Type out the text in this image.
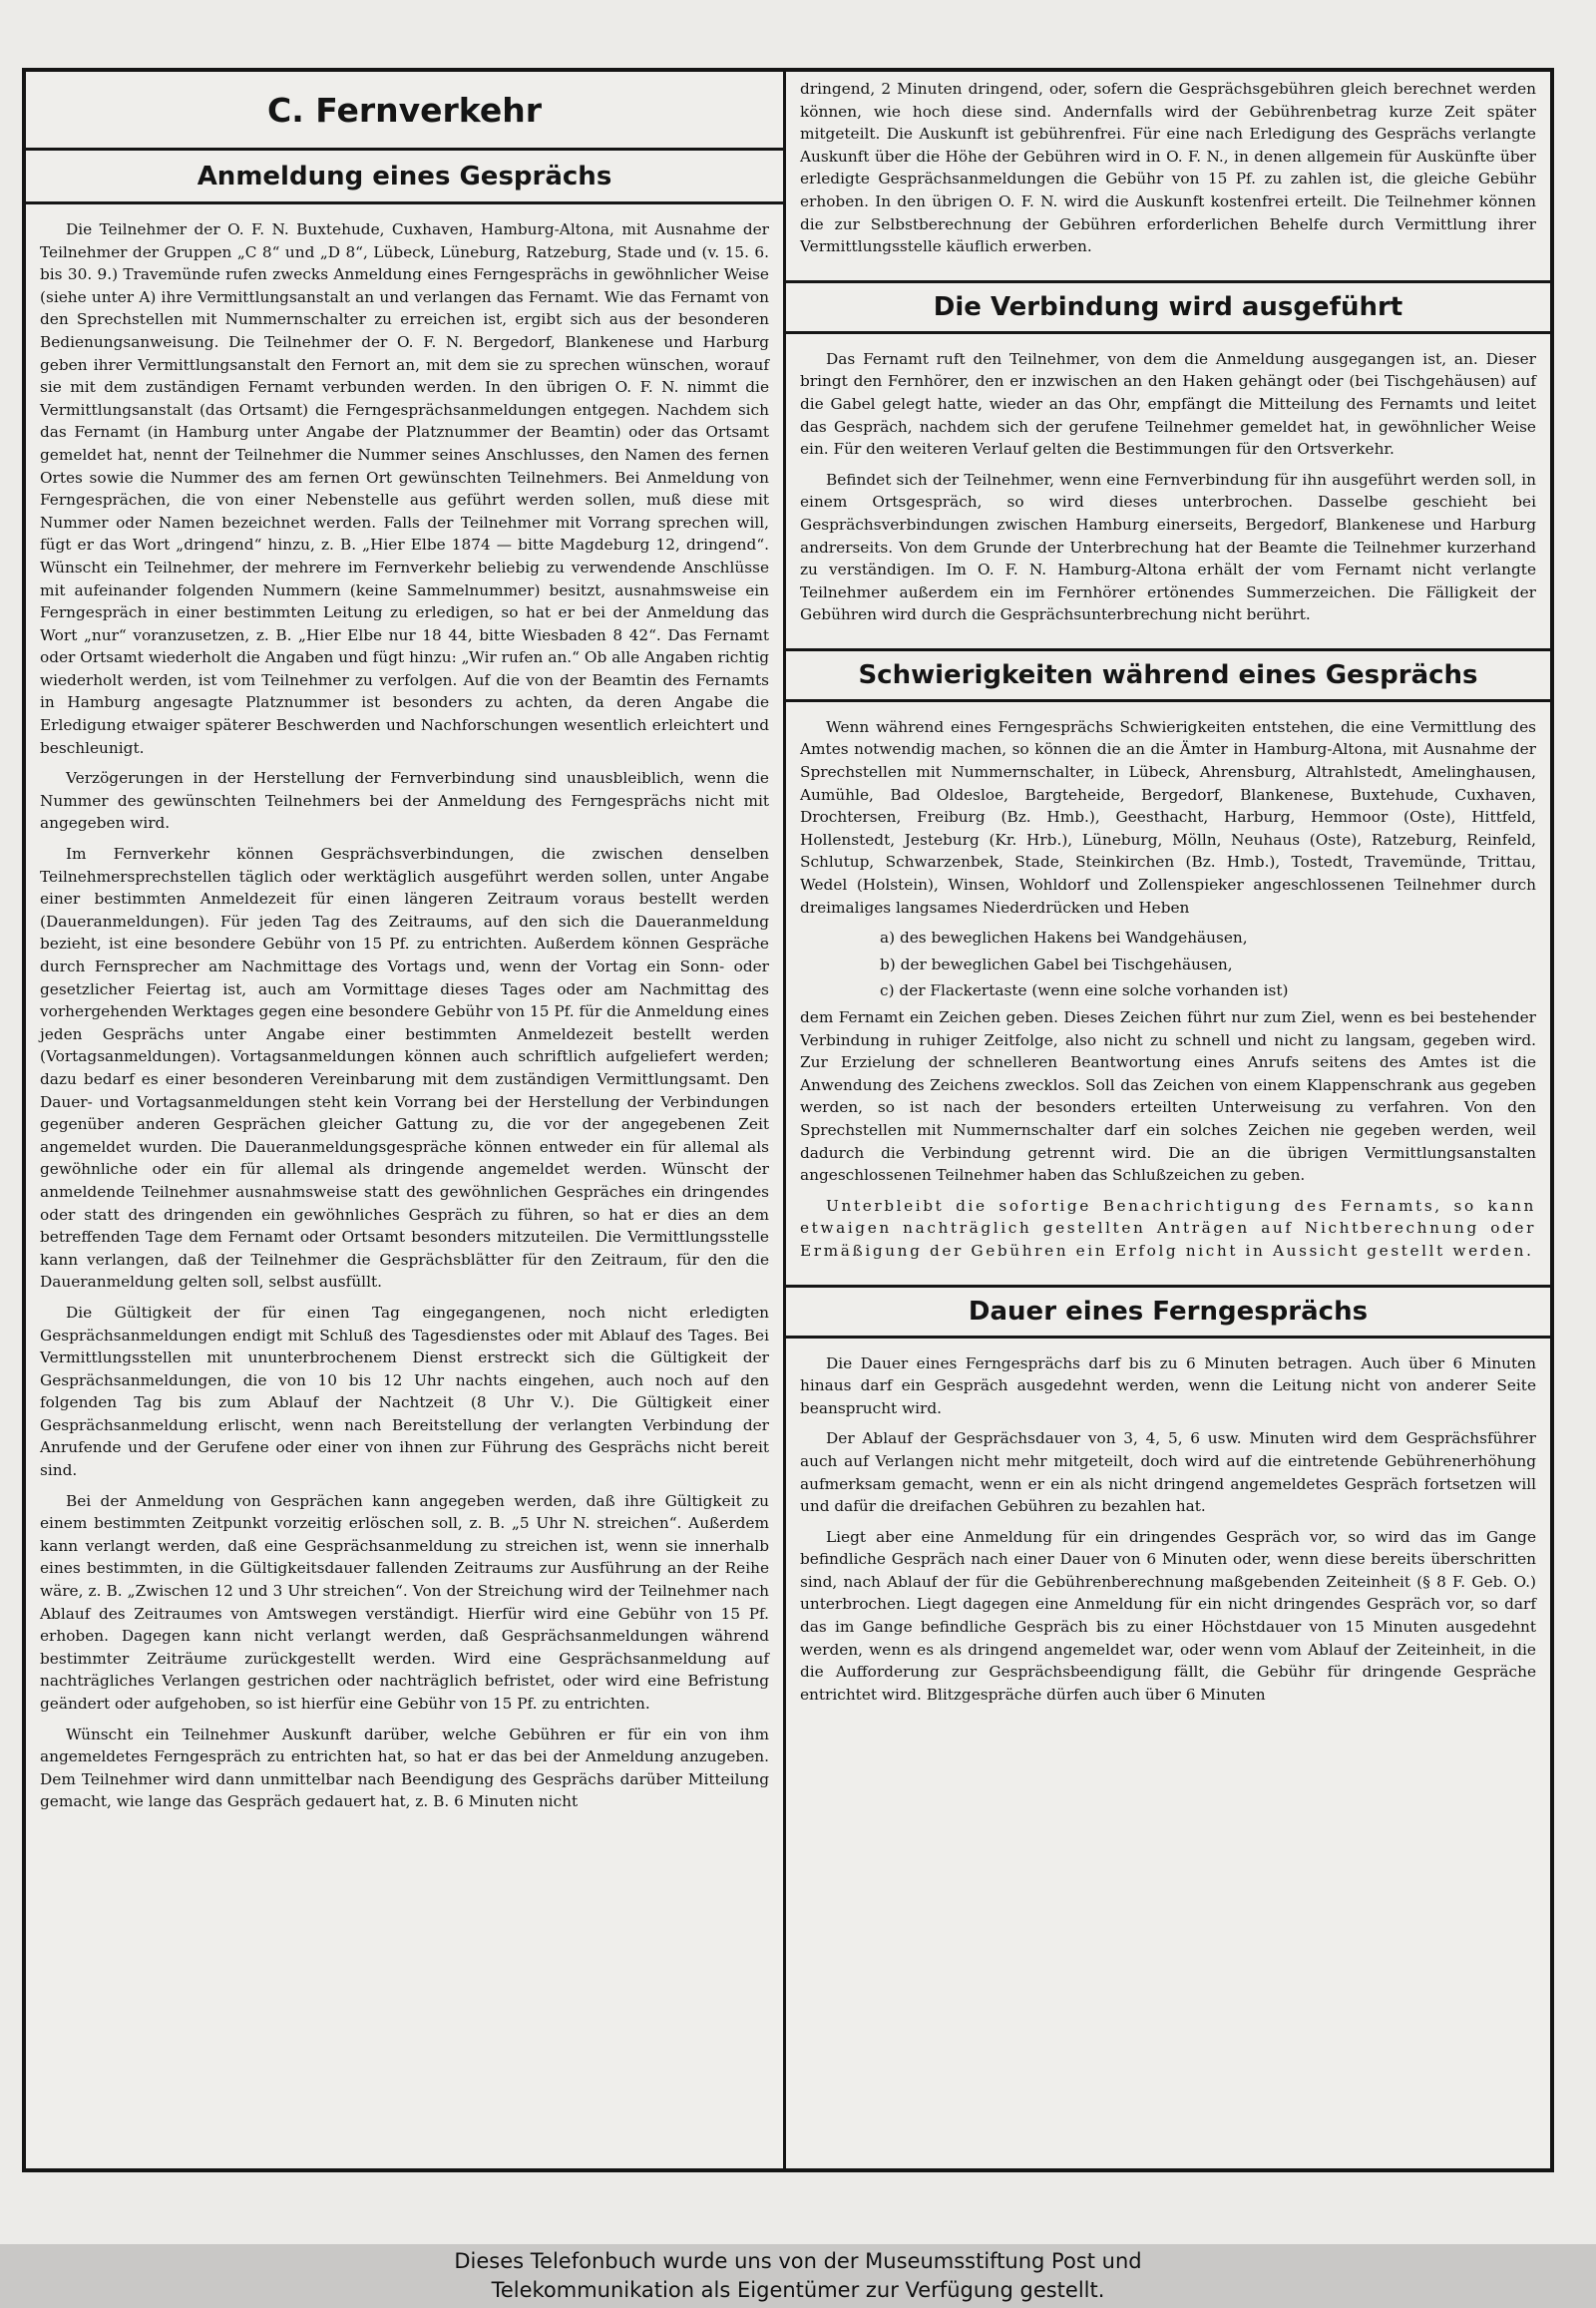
C. Fernverkehr
Anmeldung eines Gesprächs

Die Teilnehmer der O. F. N. Buxtehude, Cuxhaven, Hamburg-Altona, mit Ausnahme der Teilnehmer der Gruppen „C 8“ und „D 8“, Lübeck, Lüneburg, Ratzeburg, Stade und (v. 15. 6. bis 30. 9.) Travemünde rufen zwecks Anmeldung eines Ferngesprächs in gewöhnlicher Weise (siehe unter A) ihre Vermittlungsanstalt an und verlangen das Fernamt. Wie das Fernamt von den Sprechstellen mit Nummernschalter zu erreichen ist, ergibt sich aus der besonderen Bedienungsanweisung. Die Teilnehmer der O. F. N. Bergedorf, Blankenese und Harburg geben ihrer Vermittlungsanstalt den Fernort an, mit dem sie zu sprechen wünschen, worauf sie mit dem zuständigen Fernamt verbunden werden. In den übrigen O. F. N. nimmt die Vermittlungsanstalt (das Ortsamt) die Ferngesprächsanmeldungen entgegen. Nachdem sich das Fernamt (in Hamburg unter Angabe der Platznummer der Beamtin) oder das Ortsamt gemeldet hat, nennt der Teilnehmer die Nummer seines Anschlusses, den Namen des fernen Ortes sowie die Nummer des am fernen Ort gewünschten Teilnehmers. Bei Anmeldung von Ferngesprächen, die von einer Nebenstelle aus geführt werden sollen, muß diese mit Nummer oder Namen bezeichnet werden. Falls der Teilnehmer mit Vorrang sprechen will, fügt er das Wort „dringend“ hinzu, z. B. „Hier Elbe 1874 — bitte Magdeburg 12, dringend“. Wünscht ein Teilnehmer, der mehrere im Fernverkehr beliebig zu verwendende Anschlüsse mit aufeinander folgenden Nummern (keine Sammelnummer) besitzt, ausnahmsweise ein Ferngespräch in einer bestimmten Leitung zu erledigen, so hat er bei der Anmeldung das Wort „nur“ voranzusetzen, z. B. „Hier Elbe nur 18 44, bitte Wiesbaden 8 42“. Das Fernamt oder Ortsamt wiederholt die Angaben und fügt hinzu: „Wir rufen an.“ Ob alle Angaben richtig wiederholt werden, ist vom Teilnehmer zu verfolgen. Auf die von der Beamtin des Fernamts in Hamburg angesagte Platznummer ist besonders zu achten, da deren Angabe die Erledigung etwaiger späterer Beschwerden und Nachforschungen wesentlich erleichtert und beschleunigt.

Verzögerungen in der Herstellung der Fernverbindung sind unausbleiblich, wenn die Nummer des gewünschten Teilnehmers bei der Anmeldung des Ferngesprächs nicht mit angegeben wird.

Im Fernverkehr können Gesprächsverbindungen, die zwischen denselben Teilnehmersprechstellen täglich oder werktäglich ausgeführt werden sollen, unter Angabe einer bestimmten Anmeldezeit für einen längeren Zeitraum voraus bestellt werden (Daueranmeldungen). Für jeden Tag des Zeitraums, auf den sich die Daueranmeldung bezieht, ist eine besondere Gebühr von 15 Pf. zu entrichten. Außerdem können Gespräche durch Fernsprecher am Nachmittage des Vortags und, wenn der Vortag ein Sonn- oder gesetzlicher Feiertag ist, auch am Vormittage dieses Tages oder am Nachmittag des vorhergehenden Werktages gegen eine besondere Gebühr von 15 Pf. für die Anmeldung eines jeden Gesprächs unter Angabe einer bestimmten Anmeldezeit bestellt werden (Vortagsanmeldungen). Vortagsanmeldungen können auch schriftlich aufgeliefert werden; dazu bedarf es einer besonderen Vereinbarung mit dem zuständigen Vermittlungsamt. Den Dauer- und Vortagsanmeldungen steht kein Vorrang bei der Herstellung der Verbindungen gegenüber anderen Gesprächen gleicher Gattung zu, die vor der angegebenen Zeit angemeldet wurden. Die Daueranmeldungsgespräche können entweder ein für allemal als gewöhnliche oder ein für allemal als dringende angemeldet werden. Wünscht der anmeldende Teilnehmer ausnahmsweise statt des gewöhnlichen Gespräches ein dringendes oder statt des dringenden ein gewöhnliches Gespräch zu führen, so hat er dies an dem betreffenden Tage dem Fernamt oder Ortsamt besonders mitzuteilen. Die Vermittlungsstelle kann verlangen, daß der Teilnehmer die Gesprächsblätter für den Zeitraum, für den die Daueranmeldung gelten soll, selbst ausfüllt.

Die Gültigkeit der für einen Tag eingegangenen, noch nicht erledigten Gesprächsanmeldungen endigt mit Schluß des Tagesdienstes oder mit Ablauf des Tages. Bei Vermittlungsstellen mit ununterbrochenem Dienst erstreckt sich die Gültigkeit der Gesprächsanmeldungen, die von 10 bis 12 Uhr nachts eingehen, auch noch auf den folgenden Tag bis zum Ablauf der Nachtzeit (8 Uhr V.). Die Gültigkeit einer Gesprächsanmeldung erlischt, wenn nach Bereitstellung der verlangten Verbindung der Anrufende und der Gerufene oder einer von ihnen zur Führung des Gesprächs nicht bereit sind.

Bei der Anmeldung von Gesprächen kann angegeben werden, daß ihre Gültigkeit zu einem bestimmten Zeitpunkt vorzeitig erlöschen soll, z. B. „5 Uhr N. streichen“. Außerdem kann verlangt werden, daß eine Gesprächsanmeldung zu streichen ist, wenn sie innerhalb eines bestimmten, in die Gültigkeitsdauer fallenden Zeitraums zur Ausführung an der Reihe wäre, z. B. „Zwischen 12 und 3 Uhr streichen“. Von der Streichung wird der Teilnehmer nach Ablauf des Zeitraumes von Amtswegen verständigt. Hierfür wird eine Gebühr von 15 Pf. erhoben. Dagegen kann nicht verlangt werden, daß Gesprächsanmeldungen während bestimmter Zeiträume zurückgestellt werden. Wird eine Gesprächsanmeldung auf nachträgliches Verlangen gestrichen oder nachträglich befristet, oder wird eine Befristung geändert oder aufgehoben, so ist hierfür eine Gebühr von 15 Pf. zu entrichten.

Wünscht ein Teilnehmer Auskunft darüber, welche Gebühren er für ein von ihm angemeldetes Ferngespräch zu entrichten hat, so hat er das bei der Anmeldung anzugeben. Dem Teilnehmer wird dann unmittelbar nach Beendigung des Gesprächs darüber Mitteilung gemacht, wie lange das Gespräch gedauert hat, z. B. 6 Minuten nicht

dringend, 2 Minuten dringend, oder, sofern die Gesprächsgebühren gleich berechnet werden können, wie hoch diese sind. Andernfalls wird der Gebührenbetrag kurze Zeit später mitgeteilt. Die Auskunft ist gebührenfrei. Für eine nach Erledigung des Gesprächs verlangte Auskunft über die Höhe der Gebühren wird in O. F. N., in denen allgemein für Auskünfte über erledigte Gesprächsanmeldungen die Gebühr von 15 Pf. zu zahlen ist, die gleiche Gebühr erhoben. In den übrigen O. F. N. wird die Auskunft kostenfrei erteilt. Die Teilnehmer können die zur Selbstberechnung der Gebühren erforderlichen Behelfe durch Vermittlung ihrer Vermittlungsstelle käuflich erwerben.

Die Verbindung wird ausgeführt

Das Fernamt ruft den Teilnehmer, von dem die Anmeldung ausgegangen ist, an. Dieser bringt den Fernhörer, den er inzwischen an den Haken gehängt oder (bei Tischgehäusen) auf die Gabel gelegt hatte, wieder an das Ohr, empfängt die Mitteilung des Fernamts und leitet das Gespräch, nachdem sich der gerufene Teilnehmer gemeldet hat, in gewöhnlicher Weise ein. Für den weiteren Verlauf gelten die Bestimmungen für den Ortsverkehr.

Befindet sich der Teilnehmer, wenn eine Fernverbindung für ihn ausgeführt werden soll, in einem Ortsgespräch, so wird dieses unterbrochen. Dasselbe geschieht bei Gesprächsverbindungen zwischen Hamburg einerseits, Bergedorf, Blankenese und Harburg andrerseits. Von dem Grunde der Unterbrechung hat der Beamte die Teilnehmer kurzerhand zu verständigen. Im O. F. N. Hamburg-Altona erhält der vom Fernamt nicht verlangte Teilnehmer außerdem ein im Fernhörer ertönendes Summerzeichen. Die Fälligkeit der Gebühren wird durch die Gesprächsunterbrechung nicht berührt.

Schwierigkeiten während eines Gesprächs

Wenn während eines Ferngesprächs Schwierigkeiten entstehen, die eine Vermittlung des Amtes notwendig machen, so können die an die Ämter in Hamburg-Altona, mit Ausnahme der Sprechstellen mit Nummernschalter, in Lübeck, Ahrensburg, Altrahlstedt, Amelinghausen, Aumühle, Bad Oldesloe, Bargteheide, Bergedorf, Blankenese, Buxtehude, Cuxhaven, Drochtersen, Freiburg (Bz. Hmb.), Geesthacht, Harburg, Hemmoor (Oste), Hittfeld, Hollenstedt, Jesteburg (Kr. Hrb.), Lüneburg, Mölln, Neuhaus (Oste), Ratzeburg, Reinfeld, Schlutup, Schwarzenbek, Stade, Steinkirchen (Bz. Hmb.), Tostedt, Travemünde, Trittau, Wedel (Holstein), Winsen, Wohldorf und Zollenspieker angeschlossenen Teilnehmer durch dreimaliges langsames Niederdrücken und Heben

a) des beweglichen Hakens bei Wandgehäusen,

b) der beweglichen Gabel bei Tischgehäusen,

c) der Flackertaste (wenn eine solche vorhanden ist)

dem Fernamt ein Zeichen geben. Dieses Zeichen führt nur zum Ziel, wenn es bei bestehender Verbindung in ruhiger Zeitfolge, also nicht zu schnell und nicht zu langsam, gegeben wird. Zur Erzielung der schnelleren Beantwortung eines Anrufs seitens des Amtes ist die Anwendung des Zeichens zwecklos. Soll das Zeichen von einem Klappenschrank aus gegeben werden, so ist nach der besonders erteilten Unterweisung zu verfahren. Von den Sprechstellen mit Nummernschalter darf ein solches Zeichen nie gegeben werden, weil dadurch die Verbindung getrennt wird. Die an die übrigen Vermittlungsanstalten angeschlossenen Teilnehmer haben das Schlußzeichen zu geben.

Unterbleibt die sofortige Benachrichtigung des Fernamts, so kann etwaigen nachträglich gestellten Anträgen auf Nichtberechnung oder Ermäßigung der Gebühren ein Erfolg nicht in Aussicht gestellt werden.

Dauer eines Ferngesprächs

Die Dauer eines Ferngesprächs darf bis zu 6 Minuten betragen. Auch über 6 Minuten hinaus darf ein Gespräch ausgedehnt werden, wenn die Leitung nicht von anderer Seite beansprucht wird.

Der Ablauf der Gesprächsdauer von 3, 4, 5, 6 usw. Minuten wird dem Gesprächsführer auch auf Verlangen nicht mehr mitgeteilt, doch wird auf die eintretende Gebührenerhöhung aufmerksam gemacht, wenn er ein als nicht dringend angemeldetes Gespräch fortsetzen will und dafür die dreifachen Gebühren zu bezahlen hat.

Liegt aber eine Anmeldung für ein dringendes Gespräch vor, so wird das im Gange befindliche Gespräch nach einer Dauer von 6 Minuten oder, wenn diese bereits überschritten sind, nach Ablauf der für die Gebührenberechnung maßgebenden Zeiteinheit (§ 8 F. Geb. O.) unterbrochen. Liegt dagegen eine Anmeldung für ein nicht dringendes Gespräch vor, so darf das im Gange befindliche Gespräch bis zu einer Höchstdauer von 15 Minuten ausgedehnt werden, wenn es als dringend angemeldet war, oder wenn vom Ablauf der Zeiteinheit, in die die Aufforderung zur Gesprächsbeendigung fällt, die Gebühr für dringende Gespräche entrichtet wird. Blitzgespräche dürfen auch über 6 Minuten

Dieses Telefonbuch wurde uns von der Museumsstiftung Post und
Telekommunikation als Eigentümer zur Verfügung gestellt.
